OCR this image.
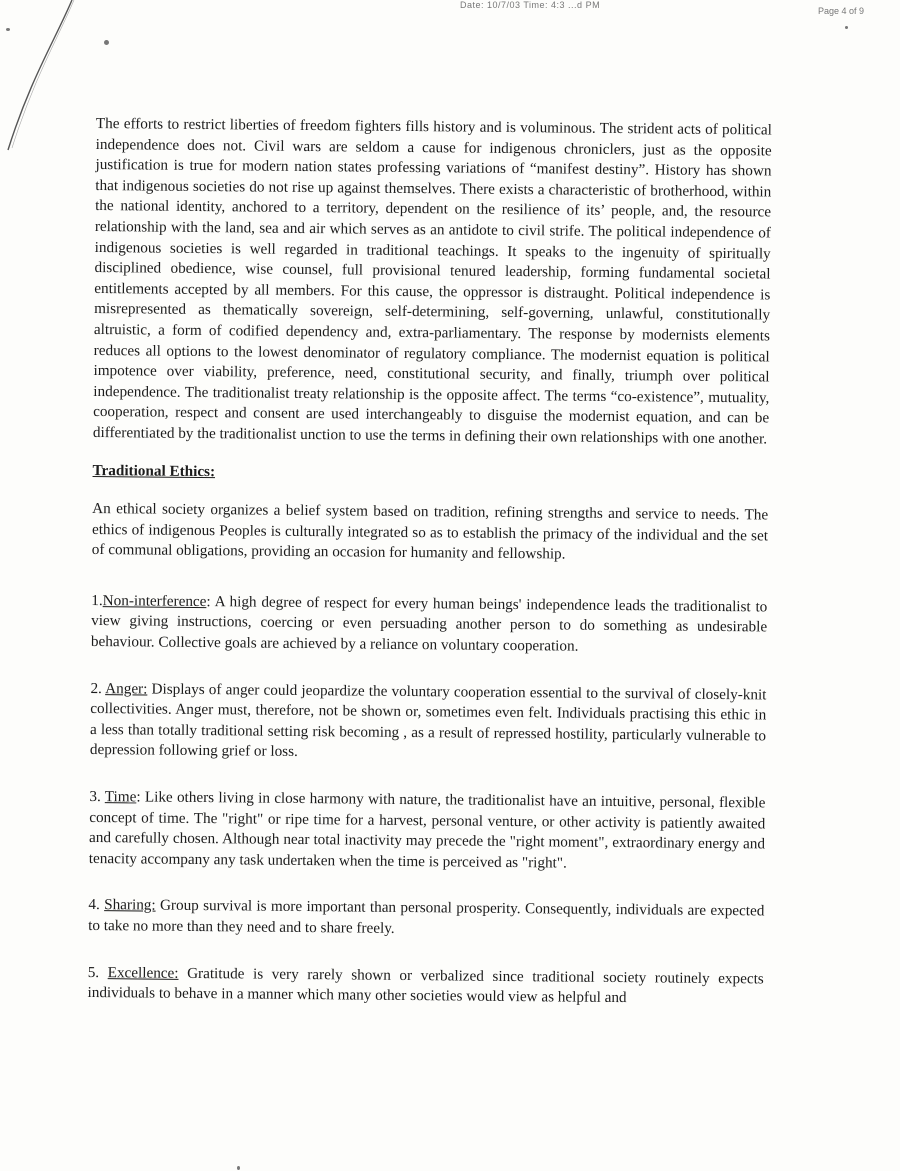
Date: 10/7/03 Time: 4:3 ...d PM
Page 4 of 9

The efforts to restrict liberties of freedom fighters fills history and is voluminous. The strident acts of political independence does not. Civil wars are seldom a cause for indigenous chroniclers, just as the opposite justification is true for modern nation states professing variations of “manifest destiny”. History has shown that indigenous societies do not rise up against themselves. There exists a characteristic of brotherhood, within the national identity, anchored to a territory, dependent on the resilience of its’ people, and, the resource relationship with the land, sea and air which serves as an antidote to civil strife. The political independence of indigenous societies is well regarded in traditional teachings. It speaks to the ingenuity of spiritually disciplined obedience, wise counsel, full provisional tenured leadership, forming fundamental societal entitlements accepted by all members. For this cause, the oppressor is distraught. Political independence is misrepresented as thematically sovereign, self-determining, self-governing, unlawful, constitutionally altruistic, a form of codified dependency and, extra-parliamentary. The response by modernists elements reduces all options to the lowest denominator of regulatory compliance. The modernist equation is political impotence over viability, preference, need, constitutional security, and finally, triumph over political independence. The traditionalist treaty relationship is the opposite affect. The terms “co-existence”, mutuality, cooperation, respect and consent are used interchangeably to disguise the modernist equation, and can be differentiated by the traditionalist unction to use the terms in defining their own relationships with one another.

Traditional Ethics:

An ethical society organizes a belief system based on tradition, refining strengths and service to needs. The ethics of indigenous Peoples is culturally integrated so as to establish the primacy of the individual and the set of communal obligations, providing an occasion for humanity and fellowship.

1.Non-interference: A high degree of respect for every human beings' independence leads the traditionalist to view giving instructions, coercing or even persuading another person to do something as undesirable behaviour. Collective goals are achieved by a reliance on voluntary cooperation.

2. Anger: Displays of anger could jeopardize the voluntary cooperation essential to the survival of closely-knit collectivities. Anger must, therefore, not be shown or, sometimes even felt. Individuals practising this ethic in a less than totally traditional setting risk becoming , as a result of repressed hostility, particularly vulnerable to depression following grief or loss.

3. Time: Like others living in close harmony with nature, the traditionalist have an intuitive, personal, flexible concept of time. The "right" or ripe time for a harvest, personal venture, or other activity is patiently awaited and carefully chosen. Although near total inactivity may precede the "right moment", extraordinary energy and tenacity accompany any task undertaken when the time is perceived as "right".

4. Sharing: Group survival is more important than personal prosperity. Consequently, individuals are expected to take no more than they need and to share freely.

5. Excellence: Gratitude is very rarely shown or verbalized since traditional society routinely expects individuals to behave in a manner which many other societies would view as helpful and
